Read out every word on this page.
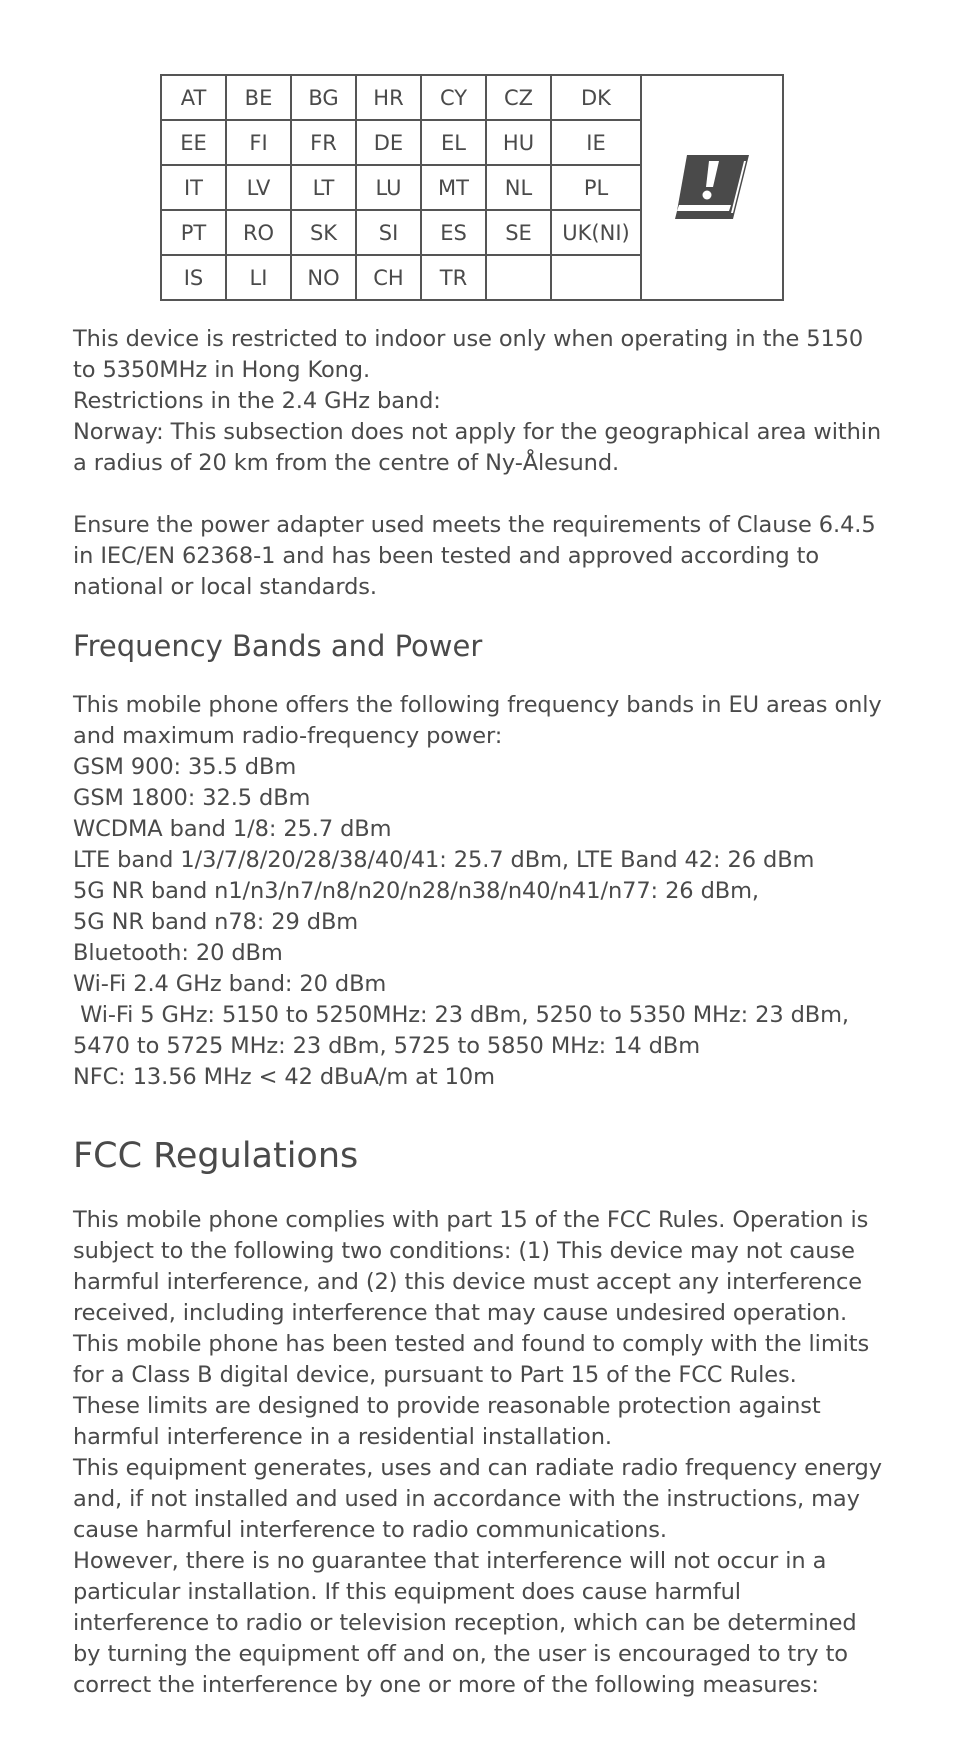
AT	BE	BG	HR	CY	CZ	DK	
EE	FI	FR	DE	EL	HU	IE	
IT	LV	LT	LU	MT	NL	PL	
PT	RO	SK	SI	ES	SE	UK(NI)	
IS	LI	NO	CH	TR			

This device is restricted to indoor use only when operating in the 5150 to 5350MHz in Hong Kong.

Restrictions in the 2.4 GHz band:

Norway: This subsection does not apply for the geographical area within a radius of 20 km from the centre of Ny-Ålesund.

Ensure the power adapter used meets the requirements of Clause 6.4.5 in IEC/EN 62368-1 and has been tested and approved according to national or local standards.

Frequency Bands and Power

This mobile phone offers the following frequency bands in EU areas only and maximum radio-frequency power:

GSM 900: 35.5 dBm

GSM 1800: 32.5 dBm

WCDMA band 1/8: 25.7 dBm

LTE band 1/3/7/8/20/28/38/40/41: 25.7 dBm, LTE Band 42: 26 dBm

5G NR band n1/n3/n7/n8/n20/n28/n38/n40/n41/n77: 26 dBm,

5G NR band n78: 29 dBm

Bluetooth: 20 dBm

Wi-Fi 2.4 GHz band: 20 dBm

Wi-Fi 5 GHz: 5150 to 5250MHz: 23 dBm, 5250 to 5350 MHz: 23 dBm, 5470 to 5725 MHz: 23 dBm, 5725 to 5850 MHz: 14 dBm

NFC: 13.56 MHz < 42 dBuA/m at 10m

FCC Regulations

This mobile phone complies with part 15 of the FCC Rules. Operation is subject to the following two conditions: (1) This device may not cause harmful interference, and (2) this device must accept any interference received, including interference that may cause undesired operation.

This mobile phone has been tested and found to comply with the limits for a Class B digital device, pursuant to Part 15 of the FCC Rules.

These limits are designed to provide reasonable protection against harmful interference in a residential installation.

This equipment generates, uses and can radiate radio frequency energy and, if not installed and used in accordance with the instructions, may cause harmful interference to radio communications.

However, there is no guarantee that interference will not occur in a particular installation. If this equipment does cause harmful interference to radio or television reception, which can be determined by turning the equipment off and on, the user is encouraged to try to correct the interference by one or more of the following measures:
